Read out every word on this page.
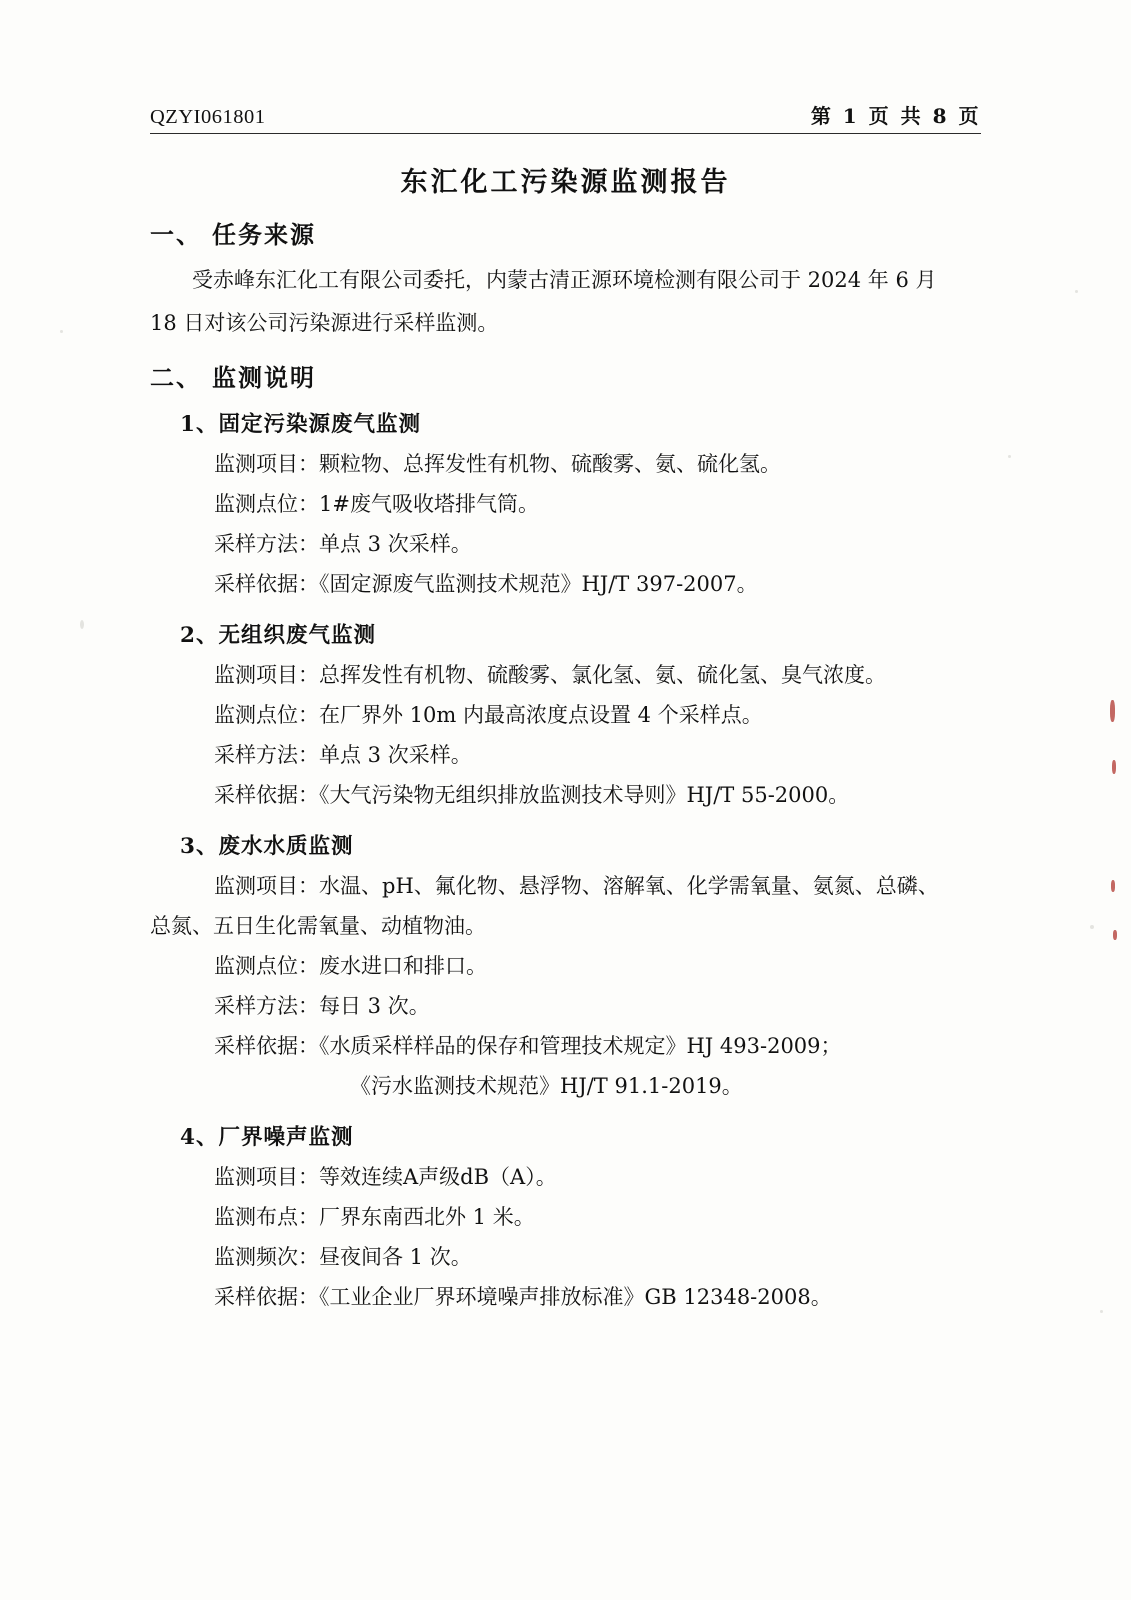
QZYI061801	第 1 页 共 8 页
东汇化工污染源监测报告
一、 任务来源

受赤峰东汇化工有限公司委托，内蒙古清正源环境检测有限公司于 2024 年 6 月

18 日对该公司污染源进行采样监测。

二、 监测说明
1、固定污染源废气监测

监测项目：颗粒物、总挥发性有机物、硫酸雾、氨、硫化氢。

监测点位：1#废气吸收塔排气筒。

采样方法：单点 3 次采样。

采样依据：《固定源废气监测技术规范》HJ/T 397-2007。

2、无组织废气监测

监测项目：总挥发性有机物、硫酸雾、氯化氢、氨、硫化氢、臭气浓度。

监测点位：在厂界外 10m 内最高浓度点设置 4 个采样点。

采样方法：单点 3 次采样。

采样依据：《大气污染物无组织排放监测技术导则》HJ/T 55-2000。

3、废水水质监测

监测项目：水温、pH、氟化物、悬浮物、溶解氧、化学需氧量、氨氮、总磷、

总氮、五日生化需氧量、动植物油。

监测点位：废水进口和排口。

采样方法：每日 3 次。

采样依据：《水质采样样品的保存和管理技术规定》HJ 493-2009；

《污水监测技术规范》HJ/T 91.1-2019。

4、厂界噪声监测

监测项目：等效连续A声级dB（A）。

监测布点：厂界东南西北外 1 米。

监测频次：昼夜间各 1 次。

采样依据：《工业企业厂界环境噪声排放标准》GB 12348-2008。
